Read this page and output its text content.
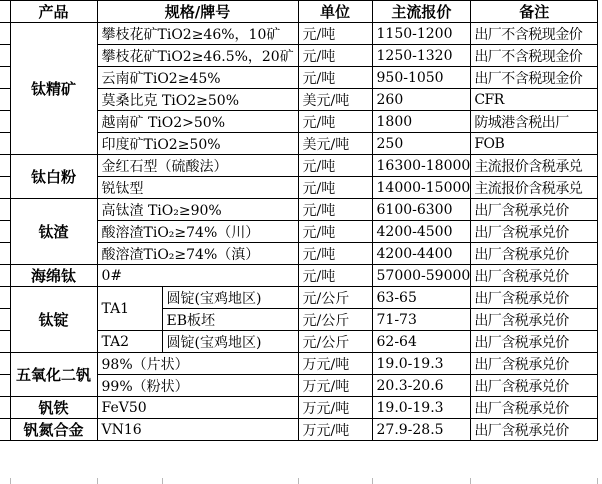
	产品	规格/牌号		单位	主流报价	备注
	钛精矿	攀枝花矿TiO2≥46%，10矿		元/吨	1150-1200	出厂不含税现金价
		攀枝花矿TiO2≥46.5%，20矿		元/吨	1250-1320	出厂不含税现金价
		云南矿TiO2≥45%		元/吨	950-1050	出厂不含税现金价
		莫桑比克 TiO2≥50%		美元/吨	260	CFR
		越南矿 TiO2>50%		元/吨	1800	防城港含税出厂
		印度矿TiO2≥50%		美元/吨	250	FOB
	钛白粉	金红石型（硫酸法）		元/吨	16300-18000	主流报价含税承兑
		锐钛型		元/吨	14000-15000	主流报价含税承兑
	钛渣	高钛渣 TiO₂≥90%		元/吨	6100-6300	出厂含税承兑价
		酸溶渣TiO₂≥74%（川）		元/吨	4200-4500	出厂含税承兑价
		酸溶渣TiO₂≥74%（滇）		元/吨	4200-4400	出厂含税承兑价
	海绵钛	0#		元/吨	57000-59000	出厂含税承兑价
	钛锭	TA1	圆锭(宝鸡地区)	元/公斤	63-65	出厂含税承兑价
			EB板坯	元/公斤	71-73	出厂含税承兑价
		TA2	圆锭(宝鸡地区)	元/公斤	62-64	出厂含税承兑价
	五氧化二钒	98%（片状）		万元/吨	19.0-19.3	出厂含税承兑价
		99%（粉状）		万元/吨	20.3-20.6	出厂含税承兑价
	钒铁	FeV50		万元/吨	19.0-19.3	出厂含税承兑价
	钒氮合金	VN16		万元/吨	27.9-28.5	出厂含税承兑价
